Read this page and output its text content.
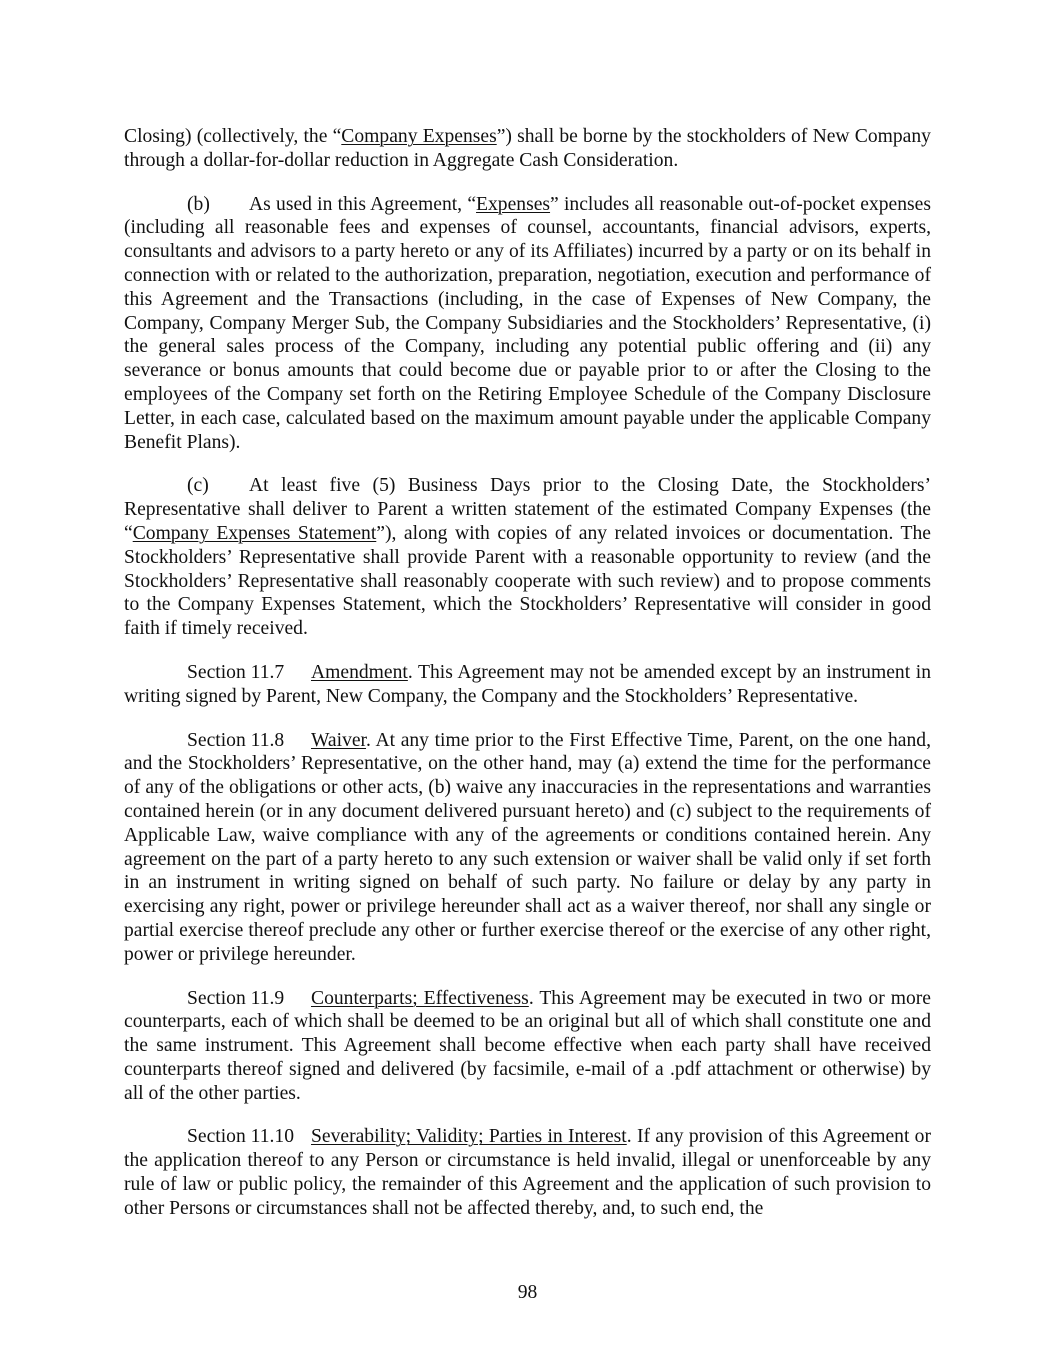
Closing) (collectively, the “Company Expenses”) shall be borne by the stockholders of New Company through a dollar-for-dollar reduction in Aggregate Cash Consideration.

(b) As used in this Agreement, “Expenses” includes all reasonable out-of-pocket expenses (including all reasonable fees and expenses of counsel, accountants, financial advisors, experts, consultants and advisors to a party hereto or any of its Affiliates) incurred by a party or on its behalf in connection with or related to the authorization, preparation, negotiation, execution and performance of this Agreement and the Transactions (including, in the case of Expenses of New Company, the Company, Company Merger Sub, the Company Subsidiaries and the Stockholders’ Representative, (i) the general sales process of the Company, including any potential public offering and (ii) any severance or bonus amounts that could become due or payable prior to or after the Closing to the employees of the Company set forth on the Retiring Employee Schedule of the Company Disclosure Letter, in each case, calculated based on the maximum amount payable under the applicable Company Benefit Plans).

(c) At least five (5) Business Days prior to the Closing Date, the Stockholders’ Representative shall deliver to Parent a written statement of the estimated Company Expenses (the “Company Expenses Statement”), along with copies of any related invoices or documentation. The Stockholders’ Representative shall provide Parent with a reasonable opportunity to review (and the Stockholders’ Representative shall reasonably cooperate with such review) and to propose comments to the Company Expenses Statement, which the Stockholders’ Representative will consider in good faith if timely received.

Section 11.7 Amendment. This Agreement may not be amended except by an instrument in writing signed by Parent, New Company, the Company and the Stockholders’ Representative.

Section 11.8 Waiver. At any time prior to the First Effective Time, Parent, on the one hand, and the Stockholders’ Representative, on the other hand, may (a) extend the time for the performance of any of the obligations or other acts, (b) waive any inaccuracies in the representations and warranties contained herein (or in any document delivered pursuant hereto) and (c) subject to the requirements of Applicable Law, waive compliance with any of the agreements or conditions contained herein. Any agreement on the part of a party hereto to any such extension or waiver shall be valid only if set forth in an instrument in writing signed on behalf of such party. No failure or delay by any party in exercising any right, power or privilege hereunder shall act as a waiver thereof, nor shall any single or partial exercise thereof preclude any other or further exercise thereof or the exercise of any other right, power or privilege hereunder.

Section 11.9 Counterparts; Effectiveness. This Agreement may be executed in two or more counterparts, each of which shall be deemed to be an original but all of which shall constitute one and the same instrument. This Agreement shall become effective when each party shall have received counterparts thereof signed and delivered (by facsimile, e-mail of a .pdf attachment or otherwise) by all of the other parties.

Section 11.10 Severability; Validity; Parties in Interest. If any provision of this Agreement or the application thereof to any Person or circumstance is held invalid, illegal or unenforceable by any rule of law or public policy, the remainder of this Agreement and the application of such provision to other Persons or circumstances shall not be affected thereby, and, to such end, the

98
